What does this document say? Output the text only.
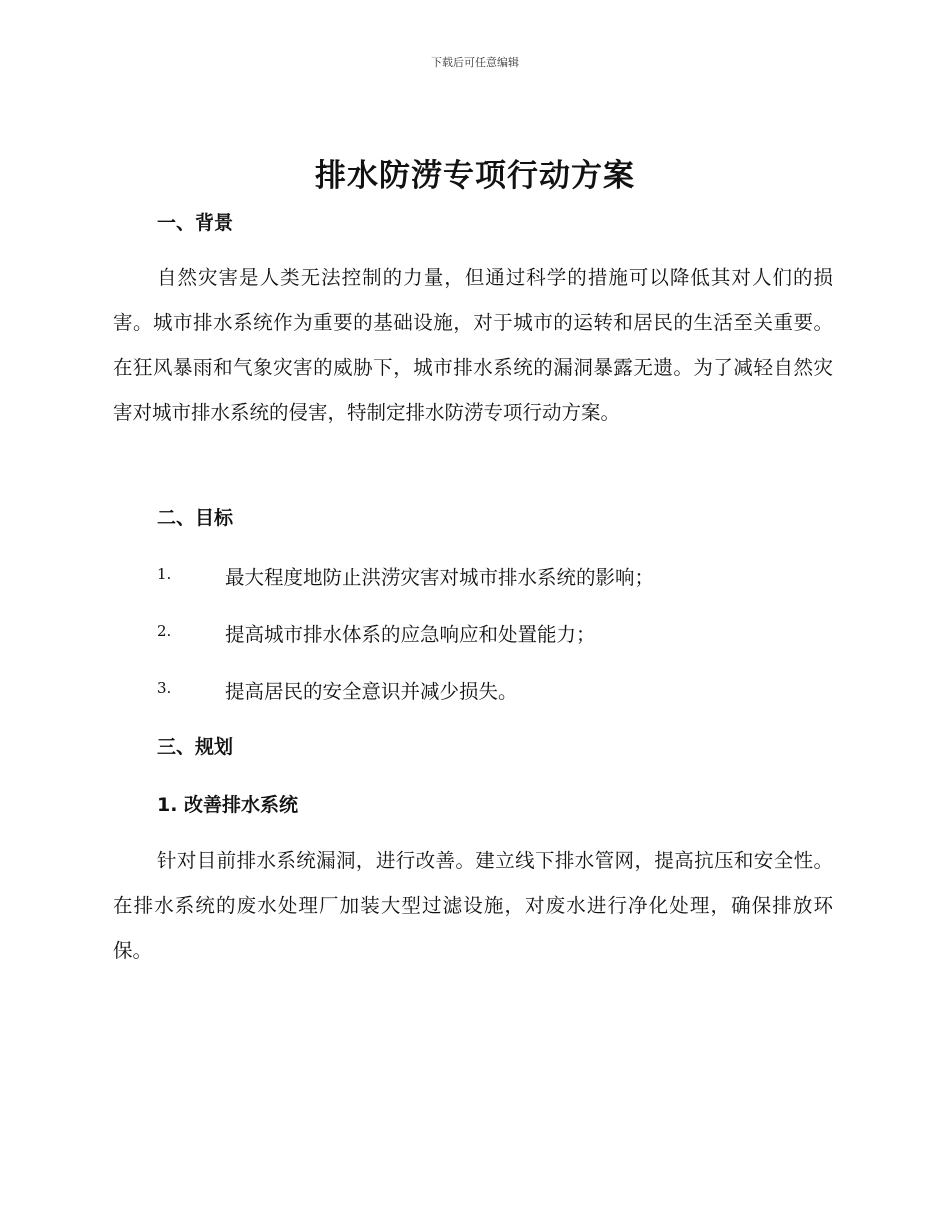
下载后可任意编辑
排水防涝专项行动方案
一、背景

自然灾害是人类无法控制的力量，但通过科学的措施可以降低其对人们的损害。城市排水系统作为重要的基础设施，对于城市的运转和居民的生活至关重要。在狂风暴雨和气象灾害的威胁下，城市排水系统的漏洞暴露无遗。为了减轻自然灾害对城市排水系统的侵害，特制定排水防涝专项行动方案。

二、目标
1.	最大程度地防止洪涝灾害对城市排水系统的影响；
2.	提高城市排水体系的应急响应和处置能力；
3.	提高居民的安全意识并减少损失。
三、规划
1. 改善排水系统

针对目前排水系统漏洞，进行改善。建立线下排水管网，提高抗压和安全性。在排水系统的废水处理厂加装大型过滤设施，对废水进行净化处理，确保排放环保。
